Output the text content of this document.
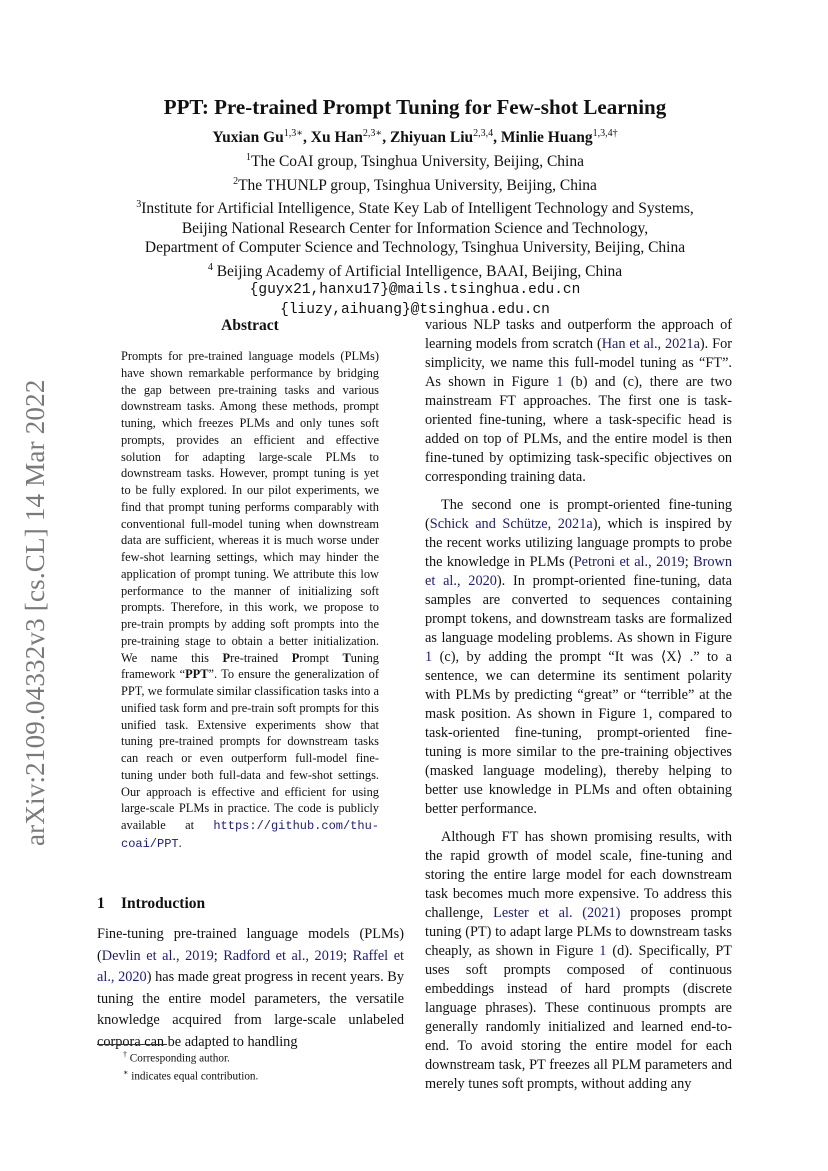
arXiv:2109.04332v3 [cs.CL] 14 Mar 2022
PPT: Pre-trained Prompt Tuning for Few-shot Learning
Yuxian $Gu^{1,3∗}$, Xu Han$^{2,3∗}$, Zhiyuan Liu$^{2,3,4}$, Minlie Huang$^{1,3,4\dagger}$
$^1$The CoAI group, Tsinghua University, Beijing, China
$^2$The THUNLP group, Tsinghua University, Beijing, China
$^3$Institute for Artificial Intelligence, State Key Lab of Intelligent Technology and Systems,
Beijing National Research Center for Information Science and Technology,
Department of Computer Science and Technology, Tsinghua University, Beijing, China
$^4$ Beijing Academy of Artificial Intelligence, BAAI, Beijing, China
{guyx21,hanxu17}@mails.tsinghua.edu.cn
{liuzy,aihuang}@tsinghua.edu.cn
Abstract
Prompts for pre-trained language models (PLMs) have shown remarkable performance by bridging the gap between pre-training tasks and various downstream tasks. Among these methods, prompt tuning, which freezes PLMs and only tunes soft prompts, provides an efficient and effective solution for adapting large-scale PLMs to downstream tasks. However, prompt tuning is yet to be fully explored. In our pilot experiments, we find that prompt tuning performs comparably with conventional full-model tuning when downstream data are sufficient, whereas it is much worse under few-shot learning settings, which may hinder the application of prompt tuning. We attribute this low performance to the manner of initializing soft prompts. Therefore, in this work, we propose to pre-train prompts by adding soft prompts into the pre-training stage to obtain a better initialization. We name this Pre-trained Prompt Tuning framework “PPT”. To ensure the generalization of PPT, we formulate similar classification tasks into a unified task form and pre-train soft prompts for this unified task. Extensive experiments show that tuning pre-trained prompts for downstream tasks can reach or even outperform full-model fine-tuning under both full-data and few-shot settings. Our approach is effective and efficient for using large-scale PLMs in practice. The code is publicly available at https://github.com/thu-coai/PPT.
1 Introduction
Fine-tuning pre-trained language models (PLMs) (Devlin et al., 2019; Radford et al., 2019; Raffel et al., 2020) has made great progress in recent years. By tuning the entire model parameters, the versatile knowledge acquired from large-scale unlabeled corpora can be adapted to handling
† Corresponding author.
∗ indicates equal contribution.

various NLP tasks and outperform the approach of learning models from scratch (Han et al., 2021a). For simplicity, we name this full-model tuning as “FT”. As shown in Figure 1 (b) and (c), there are two mainstream FT approaches. The first one is task-oriented fine-tuning, where a task-specific head is added on top of PLMs, and the entire model is then fine-tuned by optimizing task-specific objectives on corresponding training data.

The second one is prompt-oriented fine-tuning (Schick and Schütze, 2021a), which is inspired by the recent works utilizing language prompts to probe the knowledge in PLMs (Petroni et al., 2019; Brown et al., 2020). In prompt-oriented fine-tuning, data samples are converted to sequences containing prompt tokens, and downstream tasks are formalized as language modeling problems. As shown in Figure 1 (c), by adding the prompt “It was ⟨X⟩ .” to a sentence, we can determine its sentiment polarity with PLMs by predicting “great” or “terrible” at the mask position. As shown in Figure 1, compared to task-oriented fine-tuning, prompt-oriented fine-tuning is more similar to the pre-training objectives (masked language modeling), thereby helping to better use knowledge in PLMs and often obtaining better performance.

Although FT has shown promising results, with the rapid growth of model scale, fine-tuning and storing the entire large model for each downstream task becomes much more expensive. To address this challenge, Lester et al. (2021) proposes prompt tuning (PT) to adapt large PLMs to downstream tasks cheaply, as shown in Figure 1 (d). Specifically, PT uses soft prompts composed of continuous embeddings instead of hard prompts (discrete language phrases). These continuous prompts are generally randomly initialized and learned end-to-end. To avoid storing the entire model for each downstream task, PT freezes all PLM parameters and merely tunes soft prompts, without adding any
